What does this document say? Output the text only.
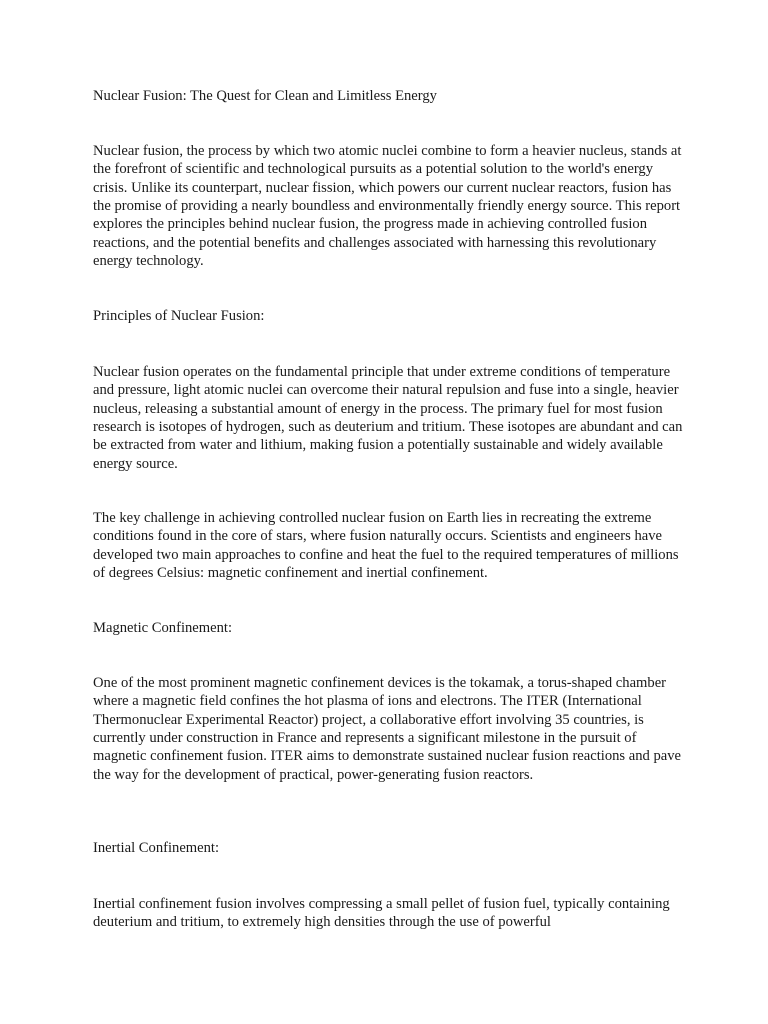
Nuclear Fusion: The Quest for Clean and Limitless Energy

Nuclear fusion, the process by which two atomic nuclei combine to form a heavier nucleus, stands at the forefront of scientific and technological pursuits as a potential solution to the world's energy crisis. Unlike its counterpart, nuclear fission, which powers our current nuclear reactors, fusion has the promise of providing a nearly boundless and environmentally friendly energy source. This report explores the principles behind nuclear fusion, the progress made in achieving controlled fusion reactions, and the potential benefits and challenges associated with harnessing this revolutionary energy technology.

Principles of Nuclear Fusion:

Nuclear fusion operates on the fundamental principle that under extreme conditions of temperature and pressure, light atomic nuclei can overcome their natural repulsion and fuse into a single, heavier nucleus, releasing a substantial amount of energy in the process. The primary fuel for most fusion research is isotopes of hydrogen, such as deuterium and tritium. These isotopes are abundant and can be extracted from water and lithium, making fusion a potentially sustainable and widely available energy source.

The key challenge in achieving controlled nuclear fusion on Earth lies in recreating the extreme conditions found in the core of stars, where fusion naturally occurs. Scientists and engineers have developed two main approaches to confine and heat the fuel to the required temperatures of millions of degrees Celsius: magnetic confinement and inertial confinement.

Magnetic Confinement:

One of the most prominent magnetic confinement devices is the tokamak, a torus-shaped chamber where a magnetic field confines the hot plasma of ions and electrons. The ITER (International Thermonuclear Experimental Reactor) project, a collaborative effort involving 35 countries, is currently under construction in France and represents a significant milestone in the pursuit of magnetic confinement fusion. ITER aims to demonstrate sustained nuclear fusion reactions and pave the way for the development of practical, power-generating fusion reactors.

Inertial Confinement:

Inertial confinement fusion involves compressing a small pellet of fusion fuel, typically containing deuterium and tritium, to extremely high densities through the use of powerful
